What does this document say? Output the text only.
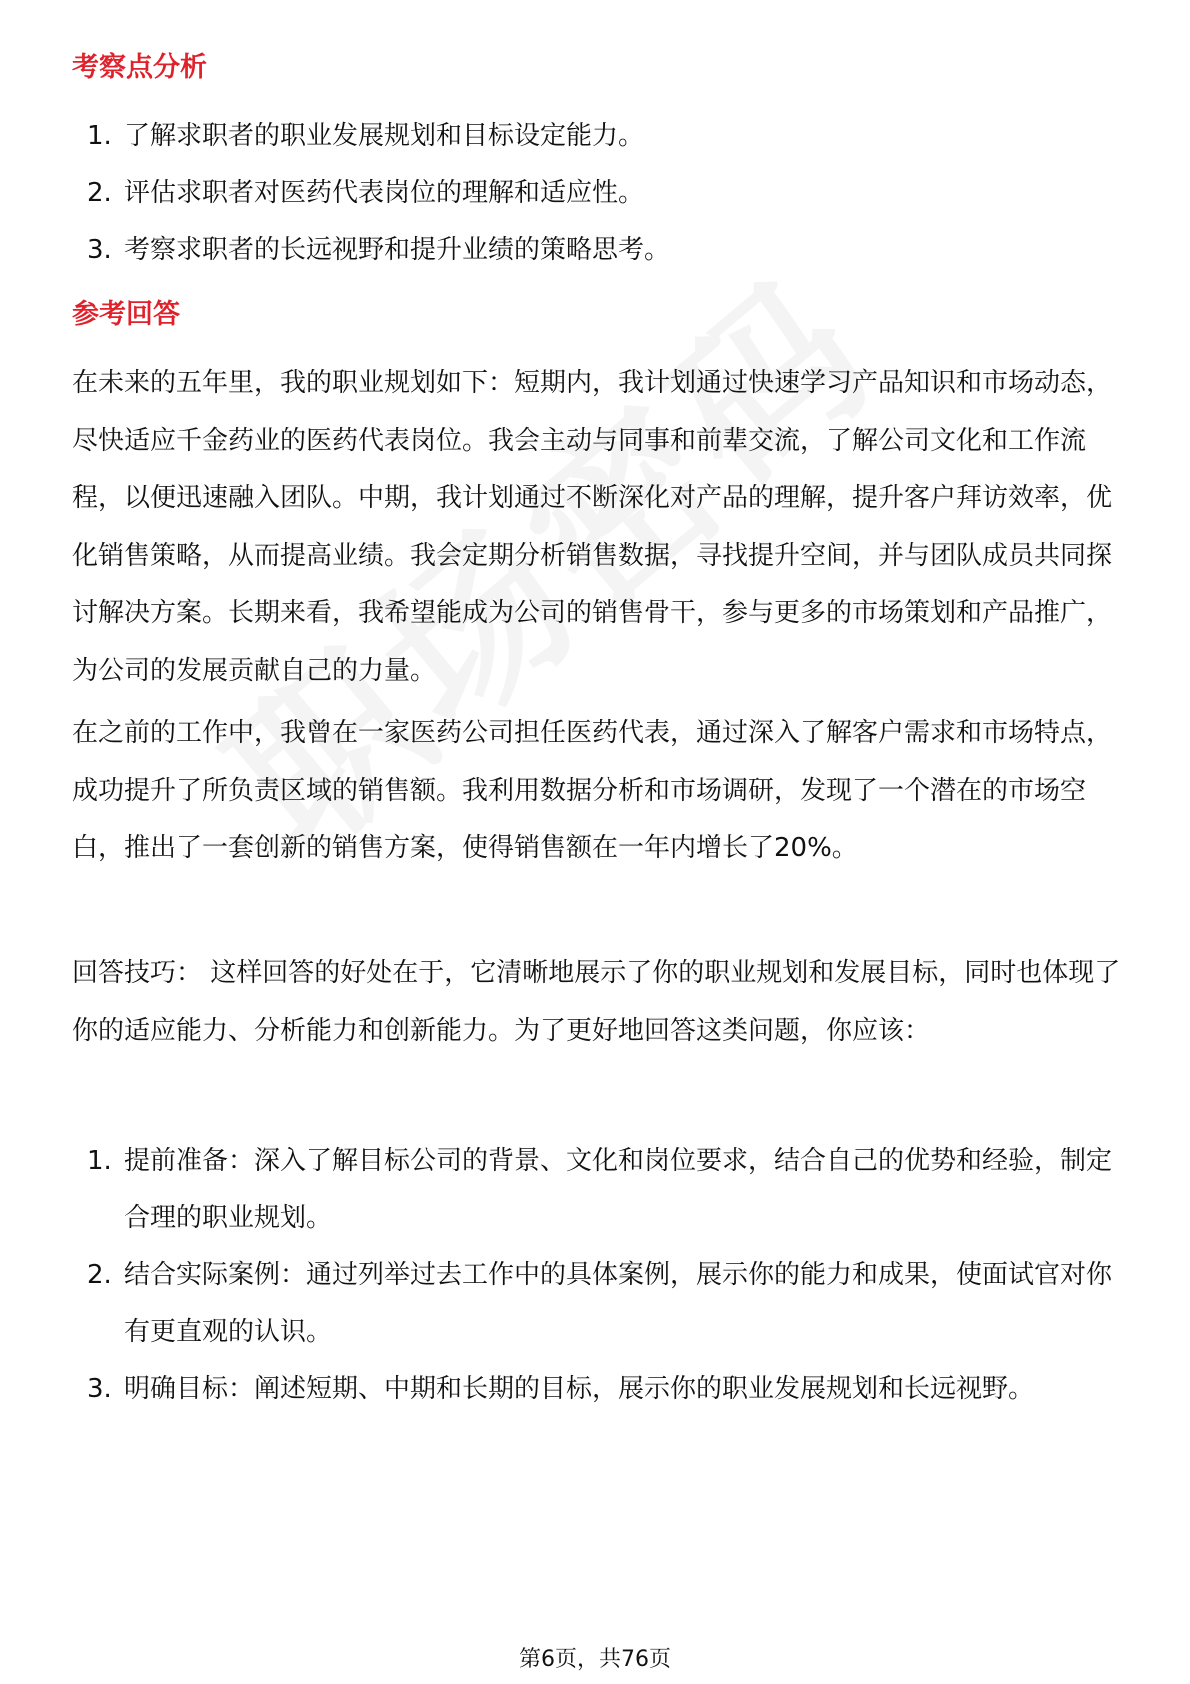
考察点分析
1. 了解求职者的职业发展规划和目标设定能力。
2. 评估求职者对医药代表岗位的理解和适应性。
3. 考察求职者的长远视野和提升业绩的策略思考。
参考回答

在未来的五年里，我的职业规划如下：短期内，我计划通过快速学习产品知识和市场动态，尽快适应千金药业的医药代表岗位。我会主动与同事和前辈交流，了解公司文化和工作流程，以便迅速融入团队。中期，我计划通过不断深化对产品的理解，提升客户拜访效率，优化销售策略，从而提高业绩。我会定期分析销售数据，寻找提升空间，并与团队成员共同探讨解决方案。长期来看，我希望能成为公司的销售骨干，参与更多的市场策划和产品推广，为公司的发展贡献自己的力量。

在之前的工作中，我曾在一家医药公司担任医药代表，通过深入了解客户需求和市场特点，成功提升了所负责区域的销售额。我利用数据分析和市场调研，发现了一个潜在的市场空白，推出了一套创新的销售方案，使得销售额在一年内增长了20%。

回答技巧： 这样回答的好处在于，它清晰地展示了你的职业规划和发展目标，同时也体现了你的适应能力、分析能力和创新能力。为了更好地回答这类问题，你应该：

1. 提前准备：深入了解目标公司的背景、文化和岗位要求，结合自己的优势和经验，制定合理的职业规划。
2. 结合实际案例：通过列举过去工作中的具体案例，展示你的能力和成果，使面试官对你有更直观的认识。
3. 明确目标：阐述短期、中期和长期的目标，展示你的职业发展规划和长远视野。
第6页，共76页
